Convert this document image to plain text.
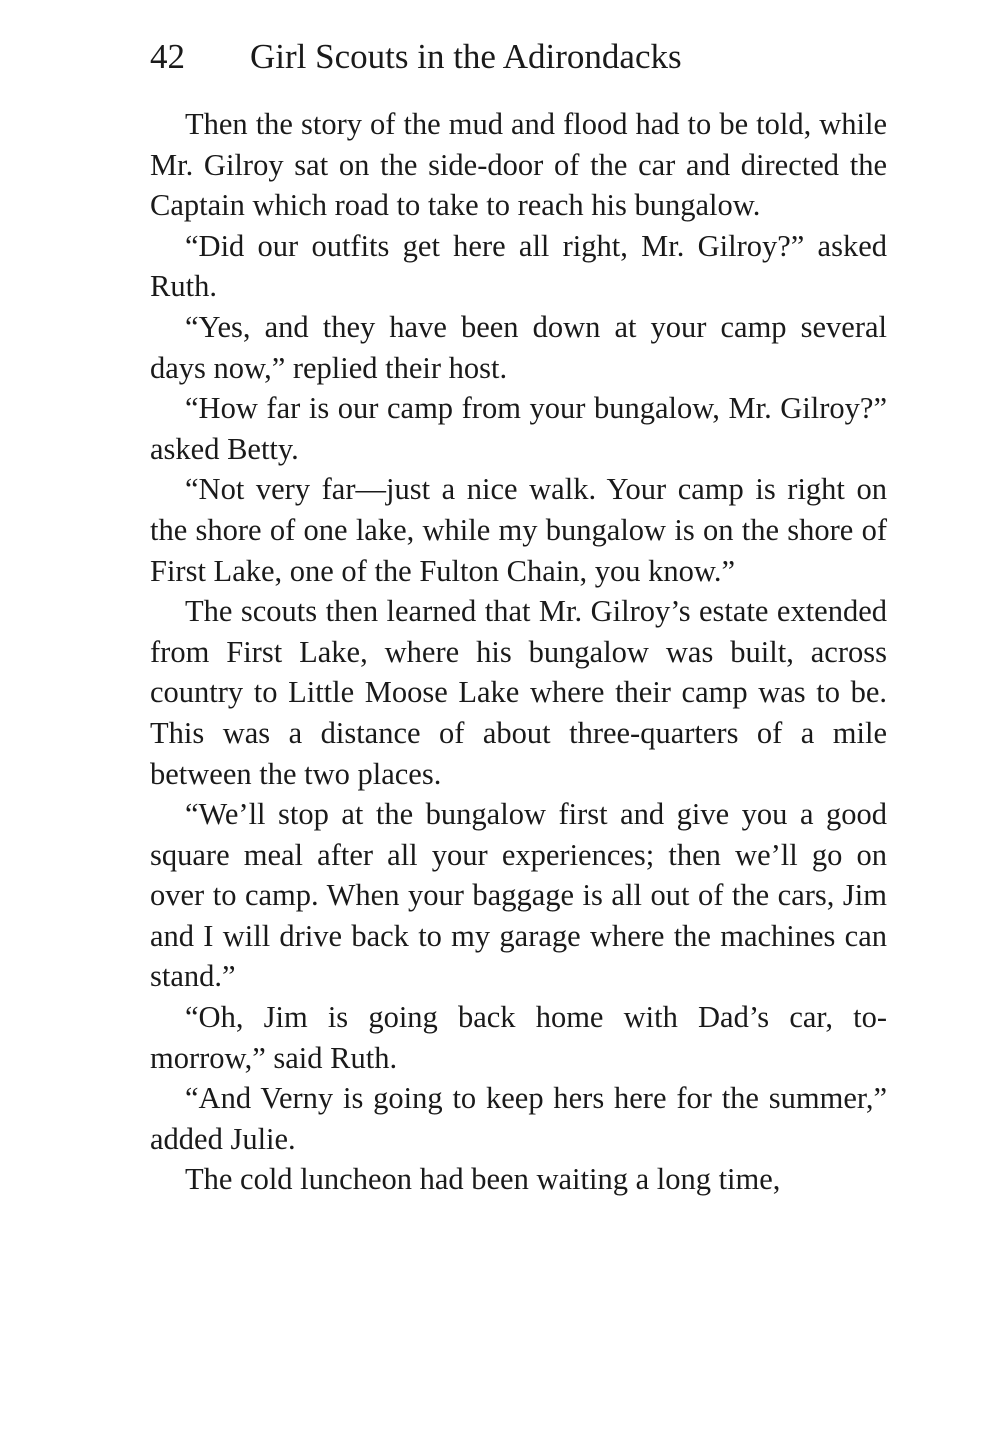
42 Girl Scouts in the Adirondacks

Then the story of the mud and flood had to be told, while Mr. Gilroy sat on the side-door of the car and directed the Captain which road to take to reach his bungalow.

“Did our outfits get here all right, Mr. Gilroy?” asked Ruth.

“Yes, and they have been down at your camp several days now,” replied their host.

“How far is our camp from your bungalow, Mr. Gilroy?” asked Betty.

“Not very far—just a nice walk. Your camp is right on the shore of one lake, while my bungalow is on the shore of First Lake, one of the Fulton Chain, you know.”

The scouts then learned that Mr. Gilroy’s estate extended from First Lake, where his bungalow was built, across country to Little Moose Lake where their camp was to be. This was a distance of about three-quarters of a mile between the two places.

“We’ll stop at the bungalow first and give you a good square meal after all your experiences; then we’ll go on over to camp. When your baggage is all out of the cars, Jim and I will drive back to my garage where the machines can stand.”

“Oh, Jim is going back home with Dad’s car, to-morrow,” said Ruth.

“And Verny is going to keep hers here for the summer,” added Julie.

The cold luncheon had been waiting a long time,
